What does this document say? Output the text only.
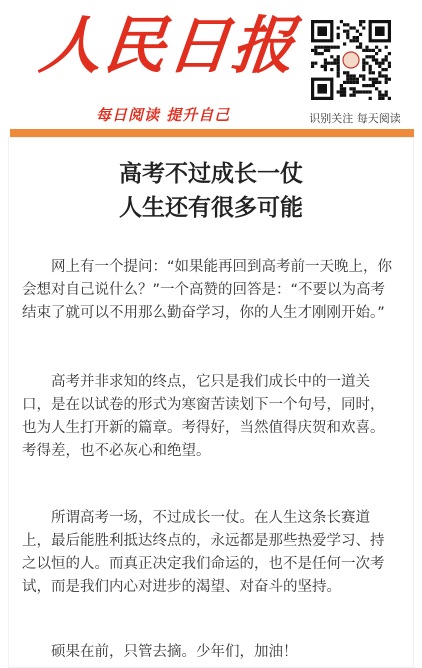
人民日报
每日阅读 提升自己	识别关注 每天阅读
高考不过成长一仗
人生还有很多可能

网上有一个提问：“如果能再回到高考前一天晚上，你会想对自己说什么？”一个高赞的回答是：“不要以为高考结束了就可以不用那么勤奋学习，你的人生才刚刚开始。”

高考并非求知的终点，它只是我们成长中的一道关口，是在以试卷的形式为寒窗苦读划下一个句号，同时，也为人生打开新的篇章。考得好，当然值得庆贺和欢喜。考得差，也不必灰心和绝望。

所谓高考一场，不过成长一仗。在人生这条长赛道上，最后能胜利抵达终点的，永远都是那些热爱学习、持之以恒的人。而真正决定我们命运的，也不是任何一次考试，而是我们内心对进步的渴望、对奋斗的坚持。

硕果在前，只管去摘。少年们，加油！
